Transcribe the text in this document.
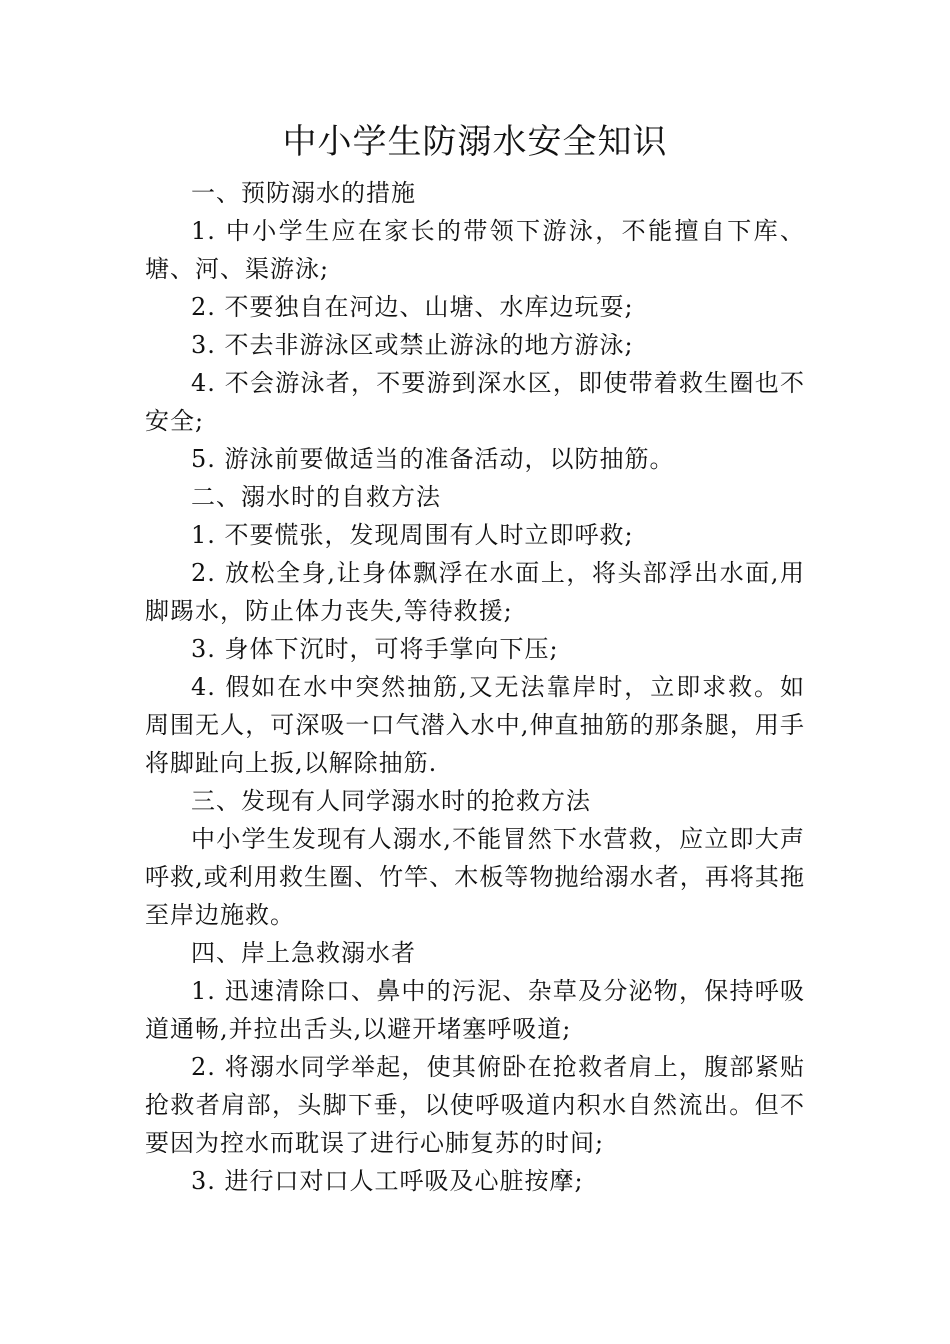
中小学生防溺水安全知识

一、预防溺水的措施

1. 中小学生应在家长的带领下游泳，不能擅自下库、塘、河、渠游泳;

2. 不要独自在河边、山塘、水库边玩耍;

3. 不去非游泳区或禁止游泳的地方游泳;

4. 不会游泳者，不要游到深水区，即使带着救生圈也不安全;

5. 游泳前要做适当的准备活动，以防抽筋。

二、溺水时的自救方法

1. 不要慌张，发现周围有人时立即呼救;

2. 放松全身,让身体飘浮在水面上，将头部浮出水面,用脚踢水，防止体力丧失,等待救援;

3. 身体下沉时，可将手掌向下压;

4. 假如在水中突然抽筋,又无法靠岸时，立即求救。如周围无人，可深吸一口气潜入水中,伸直抽筋的那条腿，用手将脚趾向上扳,以解除抽筋.

三、发现有人同学溺水时的抢救方法

中小学生发现有人溺水,不能冒然下水营救，应立即大声呼救,或利用救生圈、竹竿、木板等物抛给溺水者，再将其拖至岸边施救。

四、岸上急救溺水者

1. 迅速清除口、鼻中的污泥、杂草及分泌物，保持呼吸道通畅,并拉出舌头,以避开堵塞呼吸道;

2. 将溺水同学举起，使其俯卧在抢救者肩上，腹部紧贴抢救者肩部，头脚下垂，以使呼吸道内积水自然流出。但不要因为控水而耽误了进行心肺复苏的时间;

3. 进行口对口人工呼吸及心脏按摩;
